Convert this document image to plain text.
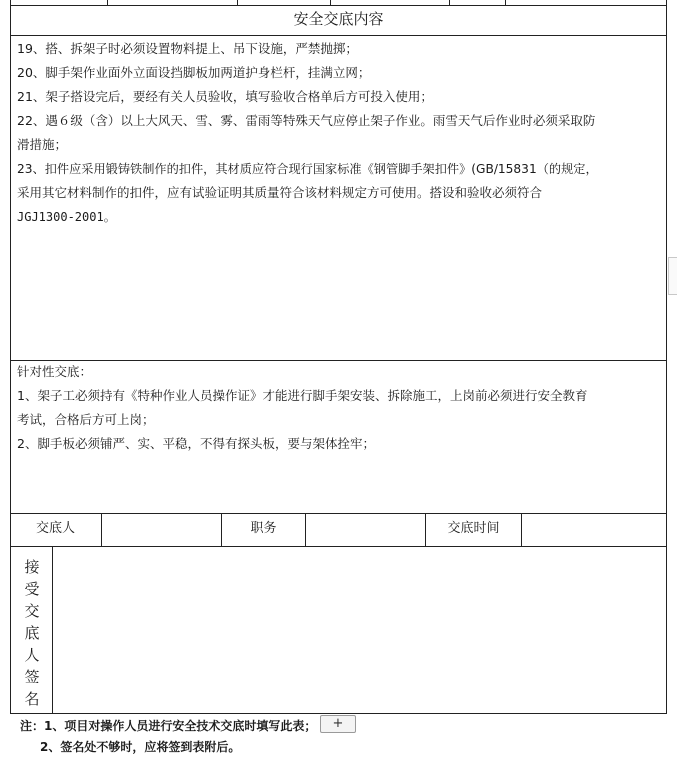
安全交底内容
19、搭、拆架子时必须设置物料提上、吊下设施，严禁抛掷；
20、脚手架作业面外立面设挡脚板加两道护身栏杆，挂满立网；
21、架子搭设完后，要经有关人员验收，填写验收合格单后方可投入使用；
22、遇６级（含）以上大风天、雪、雾、雷雨等特殊天气应停止架子作业。雨雪天气后作业时必须采取防
滑措施；
23、扣件应采用锻铸铁制作的扣件，其材质应符合现行国家标准《钢管脚手架扣件》(GB/15831（的规定，
采用其它材料制作的扣件，应有试验证明其质量符合该材料规定方可使用。搭设和验收必须符合
JGJ1300-2001。
针对性交底：
1、架子工必须持有《特种作业人员操作证》才能进行脚手架安装、拆除施工，上岗前必须进行安全教育
考试，合格后方可上岗；
2、脚手板必须铺严、实、平稳，不得有探头板，要与架体拴牢；
交底人	职务	交底时间
接
受
交
底
人
签
名
注：1、项目对操作人员进行安全技术交底时填写此表；	+
2、签名处不够时，应将签到表附后。
